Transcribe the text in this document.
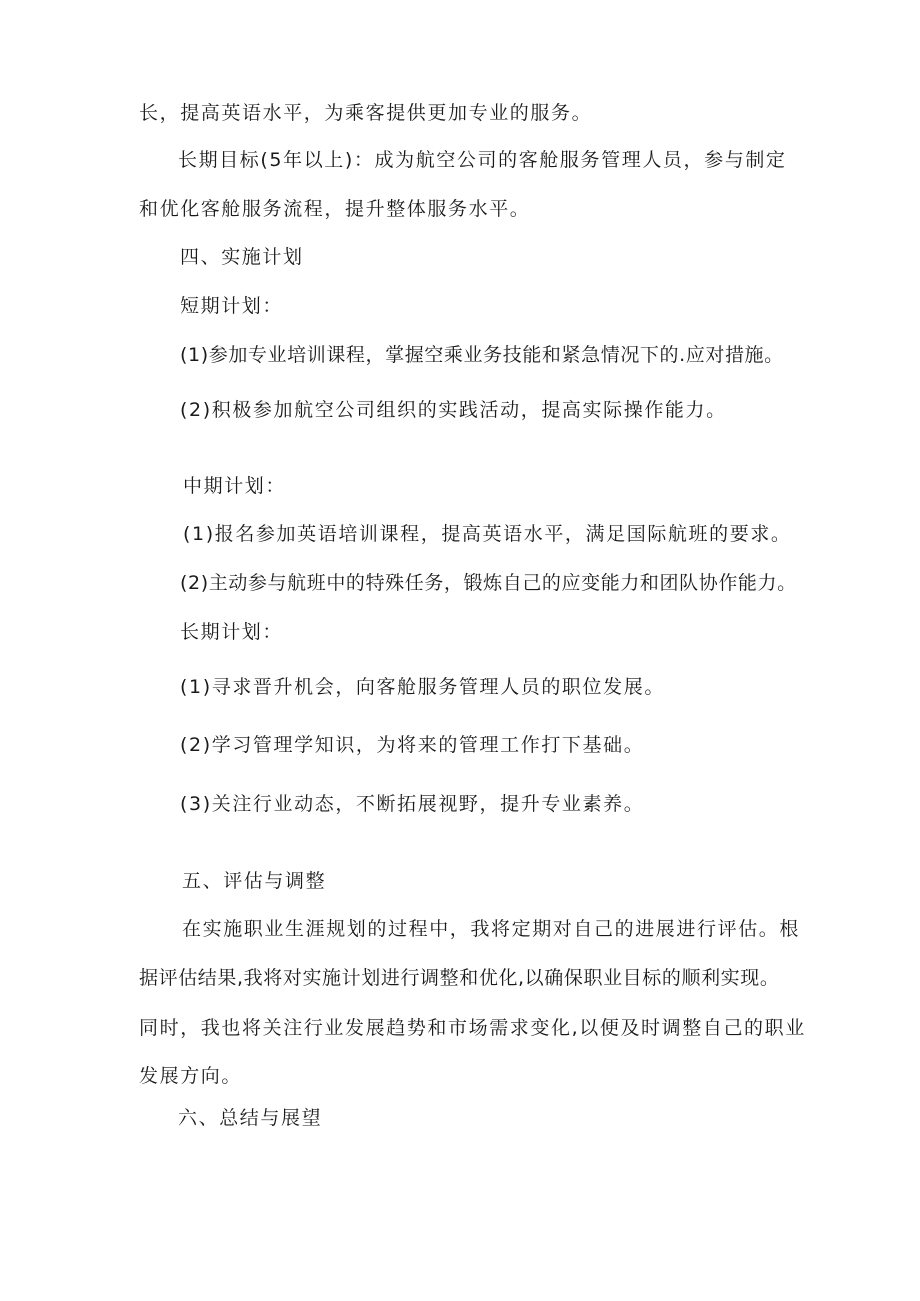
长，提高英语水平，为乘客提供更加专业的服务。
长期目标(5年以上)：成为航空公司的客舱服务管理人员，参与制定
和优化客舱服务流程，提升整体服务水平。
四、实施计划
短期计划：
(1)参加专业培训课程，掌握空乘业务技能和紧急情况下的.应对措施。
(2)积极参加航空公司组织的实践活动，提高实际操作能力。
中期计划：
(1)报名参加英语培训课程，提高英语水平，满足国际航班的要求。
(2)主动参与航班中的特殊任务，锻炼自己的应变能力和团队协作能力。
长期计划：
(1)寻求晋升机会，向客舱服务管理人员的职位发展。
(2)学习管理学知识，为将来的管理工作打下基础。
(3)关注行业动态，不断拓展视野，提升专业素养。
五、评估与调整
在实施职业生涯规划的过程中，我将定期对自己的进展进行评估。根
据评估结果,我将对实施计划进行调整和优化,以确保职业目标的顺利实现。
同时，我也将关注行业发展趋势和市场需求变化,以便及时调整自己的职业
发展方向。
六、总结与展望
